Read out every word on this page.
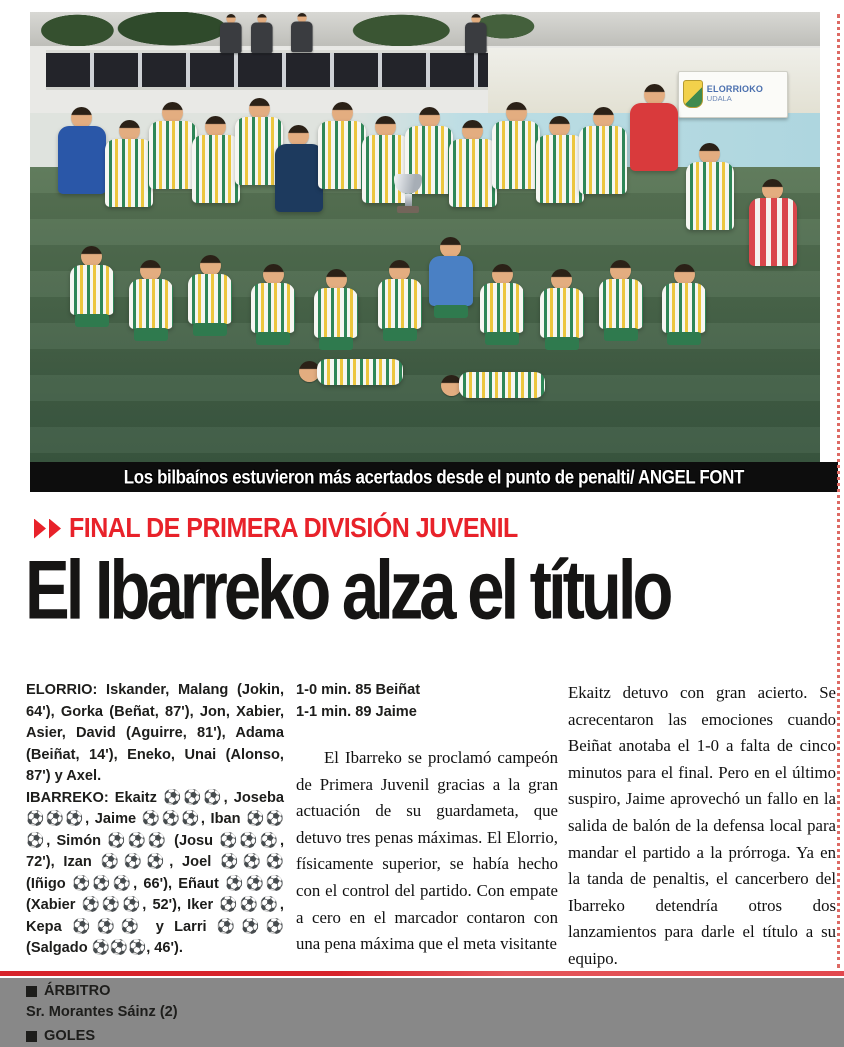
ELORRIOKO
UDALA
Los bilbaínos estuvieron más acertados desde el punto de penalti/ ANGEL FONT
FINAL DE PRIMERA DIVISIÓN JUVENIL
El Ibarreko alza el título

ELORRIO: Iskander, Malang (Jokin, 64'), Gorka (Beñat, 87'), Jon, Xabier, Asier, David (Aguirre, 81'), Adama (Beiñat, 14'), Eneko, Unai (Alonso, 87') y Axel.

IBARREKO: Ekaitz ⚽⚽⚽, Joseba ⚽⚽⚽, Jaime ⚽⚽⚽, Iban ⚽⚽⚽, Simón ⚽⚽⚽ (Josu ⚽⚽⚽, 72'), Izan ⚽⚽⚽, Joel ⚽⚽⚽ (Iñigo ⚽⚽⚽, 66'), Eñaut ⚽⚽⚽ (Xabier ⚽⚽⚽, 52'), Iker ⚽⚽⚽, Kepa ⚽⚽⚽ y Larri ⚽⚽⚽ (Salgado ⚽⚽⚽, 46').

ÁRBITRO
Sr. Morantes Sáinz (2)
GOLES
1-0 min. 85 Beiñat
1-1 min. 89 Jaime

El Ibarreko se proclamó campeón de Primera Juvenil gracias a la gran actuación de su guardameta, que detuvo tres penas máximas. El Elorrio, físicamente superior, se había hecho con el control del partido. Con empate a cero en el marcador contaron con una pena máxima que el meta visitante

Ekaitz detuvo con gran acierto. Se acrecentaron las emociones cuando Beiñat anotaba el 1-0 a falta de cinco minutos para el final. Pero en el último suspiro, Jaime aprovechó un fallo en la salida de balón de la defensa local para mandar el partido a la prórroga. Ya en la tanda de penaltis, el cancerbero del Ibarreko detendría otros dos lanzamientos para darle el título a su equipo.
